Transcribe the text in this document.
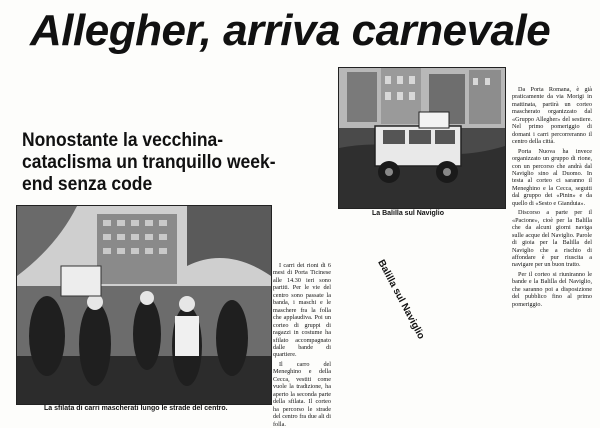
Allegher, arriva carnevale
Nonostante la vecchina-cataclisma un tranquillo week-end senza code
La Balilla sul Naviglio
La sfilata di carri mascherati lungo le strade del centro.
Balilla sul Naviglio

I carri dei rioni di 6 mesi di Porta Ticinese alle 14.30 ieri sono partiti. Per le vie del centro sono passate la banda, i maschi e le maschere fra la folla che applaudiva. Poi un corteo di gruppi di ragazzi in costume ha sfilato accompagnato dalle bande di quartiere.

Il carro del Meneghino e della Cecca, vestiti come vuole la tradizione, ha aperto la seconda parte della sfilata. Il corteo ha percorso le strade del centro fra due ali di folla.

Da Porta Romana, è già praticamente da via Morigi in mattinata, partirà un corteo mascherato organizzato dal «Gruppo Allegher» del sestiere. Nel primo pomeriggio di domani i carri percorreranno il centro della città.

Porta Nuova ha invece organizzato un gruppo di rione, con un percorso che andrà dal Naviglio sino al Duomo. In testa al corteo ci saranno il Meneghino e la Cecca, seguiti dal gruppo dei «Pinin» e da quello di «Sesto e Gianduia».

Discorso a parte per il «Pacione», cioè per la Balilla che da alcuni giorni naviga sulle acque del Naviglio. Parole di gioia per la Balilla del Naviglio che a rischio di affondare è pur riuscita a navigare per un buon tratto.

Per il corteo si riuniranno le bande e la Balilla del Naviglio, che saranno poi a disposizione del pubblico fino al primo pomeriggio.
